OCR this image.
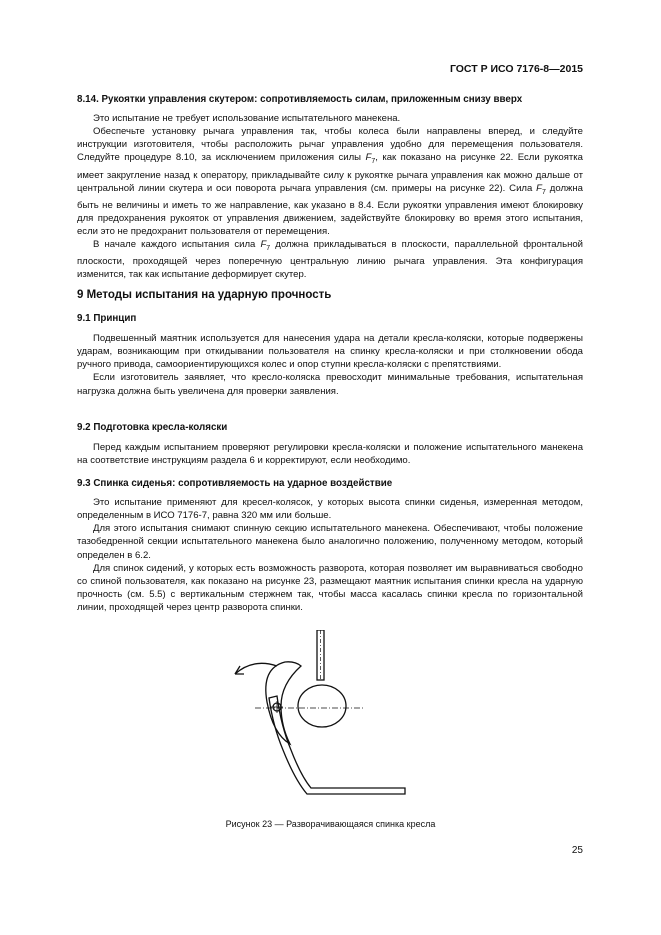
ГОСТ Р ИСО 7176-8—2015
8.14. Рукоятки управления скутером: сопротивляемость силам, приложенным снизу вверх

Это испытание не требует использование испытательного манекена.

Обеспечьте установку рычага управления так, чтобы колеса были направлены вперед, и следуйте инструкции изготовителя, чтобы расположить рычаг управления удобно для перемещения пользователя. Следуйте процедуре 8.10, за исключением приложения силы $F_7$, как показано на рисунке 22. Если рукоятка имеет закругление назад к оператору, прикладывайте силу к рукоятке рычага управления как можно дальше от центральной линии скутера и оси поворота рычага управления (см. примеры на рисунке 22). Сила $F_7$ должна быть не величины и иметь то же направление, как указано в 8.4. Если рукоятки управления имеют блокировку для предохранения рукояток от управления движением, задействуйте блокировку во время этого испытания, если это не предохранит пользователя от перемещения.

В начале каждого испытания сила $F_7$ должна прикладываться в плоскости, параллельной фронтальной плоскости, проходящей через поперечную центральную линию рычага управления. Эта конфигурация изменится, так как испытание деформирует скутер.

9 Методы испытания на ударную прочность
9.1 Принцип

Подвешенный маятник используется для нанесения удара на детали кресла-коляски, которые подвержены ударам, возникающим при откидывании пользователя на спинку кресла-коляски и при столкновении обода ручного привода, самоориентирующихся колес и опор ступни кресла-коляски с препятствиями.

Если изготовитель заявляет, что кресло-коляска превосходит минимальные требования, испытательная нагрузка должна быть увеличена для проверки заявления.

9.2 Подготовка кресла-коляски

Перед каждым испытанием проверяют регулировки кресла-коляски и положение испытательного манекена на соответствие инструкциям раздела 6 и корректируют, если необходимо.

9.3 Спинка сиденья: сопротивляемость на ударное воздействие

Это испытание применяют для кресел-колясок, у которых высота спинки сиденья, измеренная методом, определенным в ИСО 7176-7, равна 320 мм или больше.

Для этого испытания снимают спинную секцию испытательного манекена. Обеспечивают, чтобы положение тазобедренной секции испытательного манекена было аналогично положению, полученному методом, который определен в 6.2.

Для спинок сидений, у которых есть возможность разворота, которая позволяет им выравниваться свободно со спиной пользователя, как показано на рисунке 23, размещают маятник испытания спинки кресла на ударную прочность (см. 5.5) с вертикальным стержнем так, чтобы масса касалась спинки кресла по горизонтальной линии, проходящей через центр разворота спинки.

Рисунок 23 — Разворачивающаяся спинка кресла
25
